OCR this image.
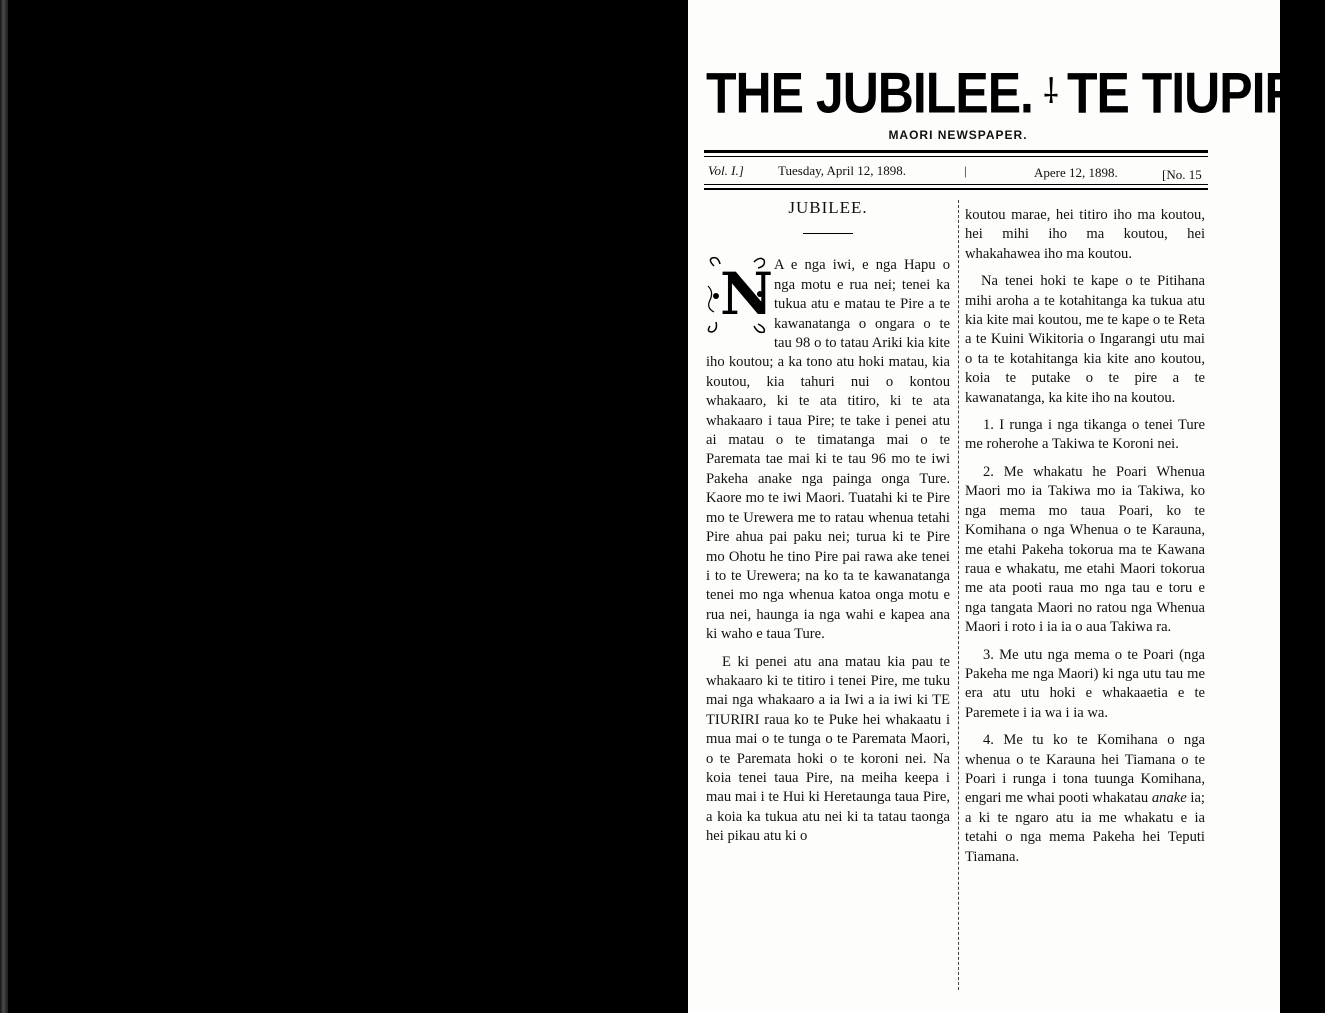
THE JUBILEE. ⸸ TE TIUPIRI.
MAORI NEWSPAPER.
Vol. I.]	Tuesday, April 12, 1898.	|	Apere 12, 1898.	[No. 15
JUBILEE.
N A e nga iwi, e nga Hapu o nga motu e rua nei; tenei ka tukua atu e matau te Pire a te kawanatanga o ongara o te tau 98 o to tatau Ariki kia kite iho koutou; a ka tono atu hoki matau, kia koutou, kia tahuri nui o kontou whakaaro, ki te ata titiro, ki te ata whakaaro i taua Pire; te take i penei atu ai matau o te timatanga mai o te Paremata tae mai ki te tau 96 mo te iwi Pakeha anake nga painga onga Ture. Kaore mo te iwi Maori. Tuatahi ki te Pire mo te Urewera me to ratau whenua tetahi Pire ahua pai paku nei; turua ki te Pire mo Ohotu he tino Pire pai rawa ake tenei i to te Urewera; na ko ta te kawanatanga tenei mo nga whenua katoa onga motu e rua nei, haunga ia nga wahi e kapea ana ki waho e taua Ture.

E ki penei atu ana matau kia pau te whakaaro ki te titiro i tenei Pire, me tuku mai nga whakaaro a ia Iwi a ia iwi ki TE TIURIRI raua ko te Puke hei whakaatu i mua mai o te tunga o te Paremata Maori, o te Paremata hoki o te koroni nei. Na koia tenei taua Pire, na meiha keepa i mau mai i te Hui ki Heretaunga taua Pire, a koia ka tukua atu nei ki ta tatau taonga hei pikau atu ki o

koutou marae, hei titiro iho ma koutou, hei mihi iho ma koutou, hei whakahawea iho ma koutou.

Na tenei hoki te kape o te Pitihana mihi aroha a te kotahitanga ka tukua atu kia kite mai koutou, me te kape o te Reta a te Kuini Wikitoria o Ingarangi utu mai o ta te kotahitanga kia kite ano koutou, koia te putake o te pire a te kawanatanga, ka kite iho na koutou.

1. I runga i nga tikanga o tenei Ture me roherohe a Takiwa te Koroni nei.

2. Me whakatu he Poari Whenua Maori mo ia Takiwa mo ia Takiwa, ko nga mema mo taua Poari, ko te Komihana o nga Whenua o te Karauna, me etahi Pakeha tokorua ma te Kawana raua e whakatu, me etahi Maori tokorua me ata pooti raua mo nga tau e toru e nga tangata Maori no ratou nga Whenua Maori i roto i ia ia o aua Takiwa ra.

3. Me utu nga mema o te Poari (nga Pakeha me nga Maori) ki nga utu tau me era atu utu hoki e whakaaetia e te Paremete i ia wa i ia wa.

4. Me tu ko te Komihana o nga whenua o te Karauna hei Tiamana o te Poari i runga i tona tuunga Komihana, engari me whai pooti whakatau anake ia; a ki te ngaro atu ia me whakatu e ia tetahi o nga mema Pakeha hei Teputi Tiamana.
